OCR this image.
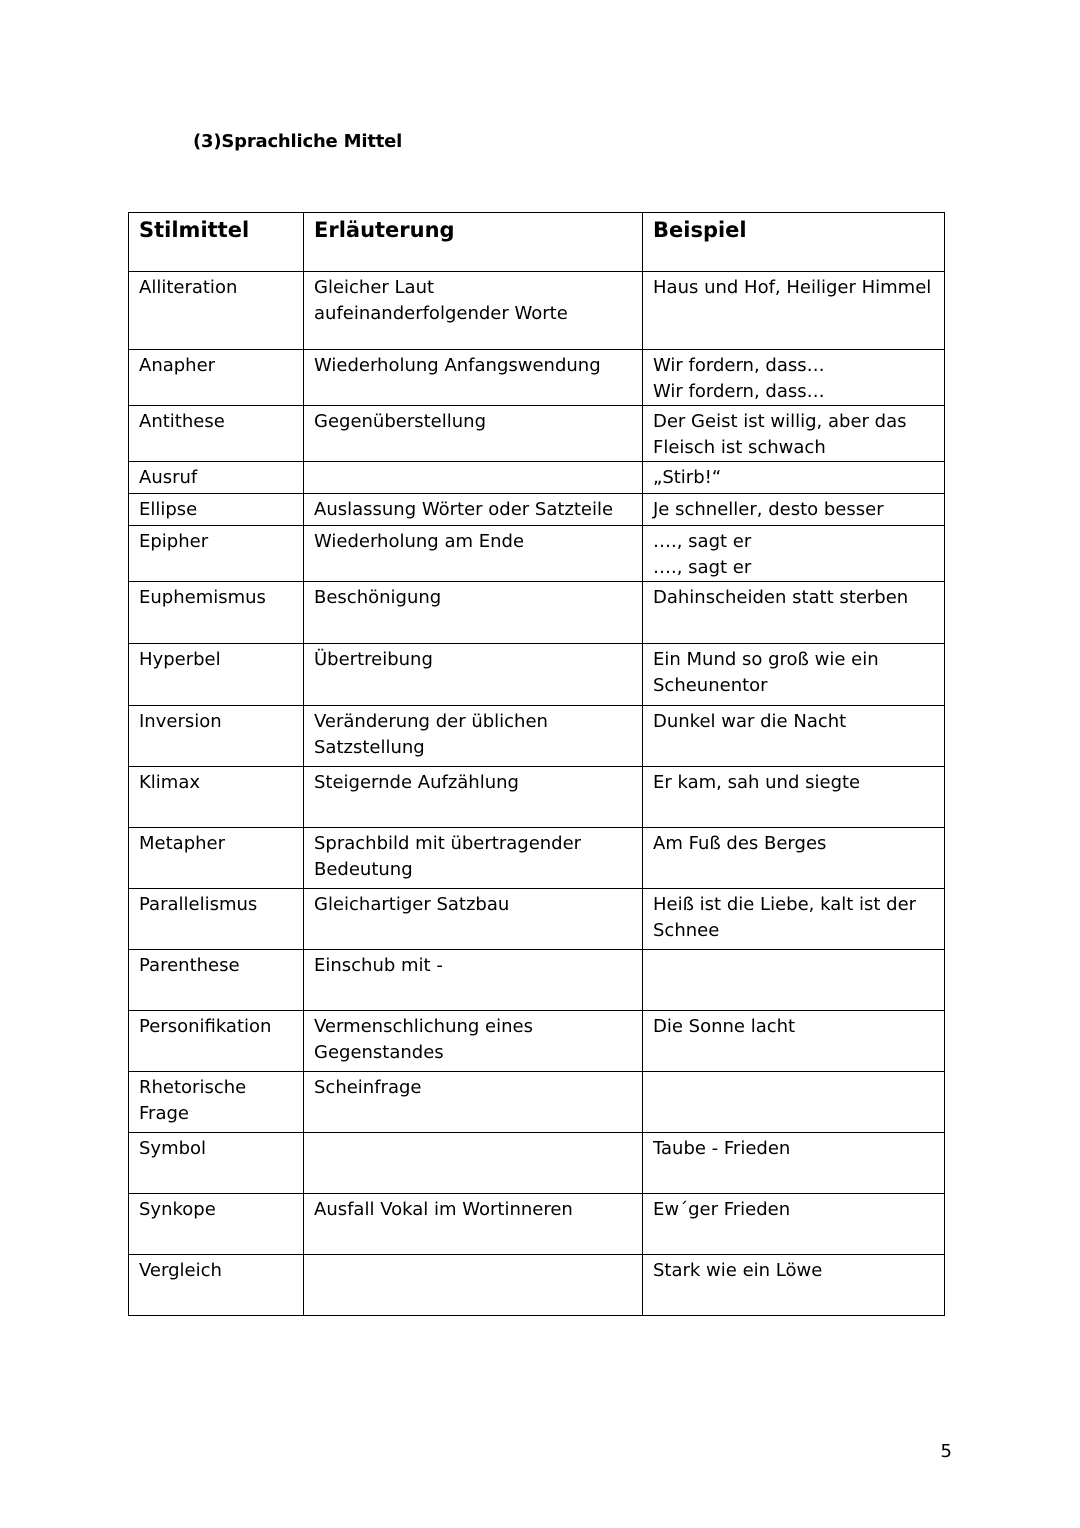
(3)Sprachliche Mittel
Stilmittel	Erläuterung	Beispiel
Alliteration	Gleicher Laut aufeinanderfolgender Worte	Haus und Hof, Heiliger Himmel
Anapher	Wiederholung Anfangswendung	Wir fordern, dass…
Wir fordern, dass…
Antithese	Gegenüberstellung	Der Geist ist willig, aber das Fleisch ist schwach
Ausruf		„Stirb!“
Ellipse	Auslassung Wörter oder Satzteile	Je schneller, desto besser
Epipher	Wiederholung am Ende	…., sagt er
…., sagt er
Euphemismus	Beschönigung	Dahinscheiden statt sterben
Hyperbel	Übertreibung	Ein Mund so groß wie ein Scheunentor
Inversion	Veränderung der üblichen Satzstellung	Dunkel war die Nacht
Klimax	Steigernde Aufzählung	Er kam, sah und siegte
Metapher	Sprachbild mit übertragender Bedeutung	Am Fuß des Berges
Parallelismus	Gleichartiger Satzbau	Heiß ist die Liebe, kalt ist der Schnee
Parenthese	Einschub mit -	
Personifikation	Vermenschlichung eines Gegenstandes	Die Sonne lacht
Rhetorische Frage	Scheinfrage	
Symbol		Taube - Frieden
Synkope	Ausfall Vokal im Wortinneren	Ew´ger Frieden
Vergleich		Stark wie ein Löwe
5
